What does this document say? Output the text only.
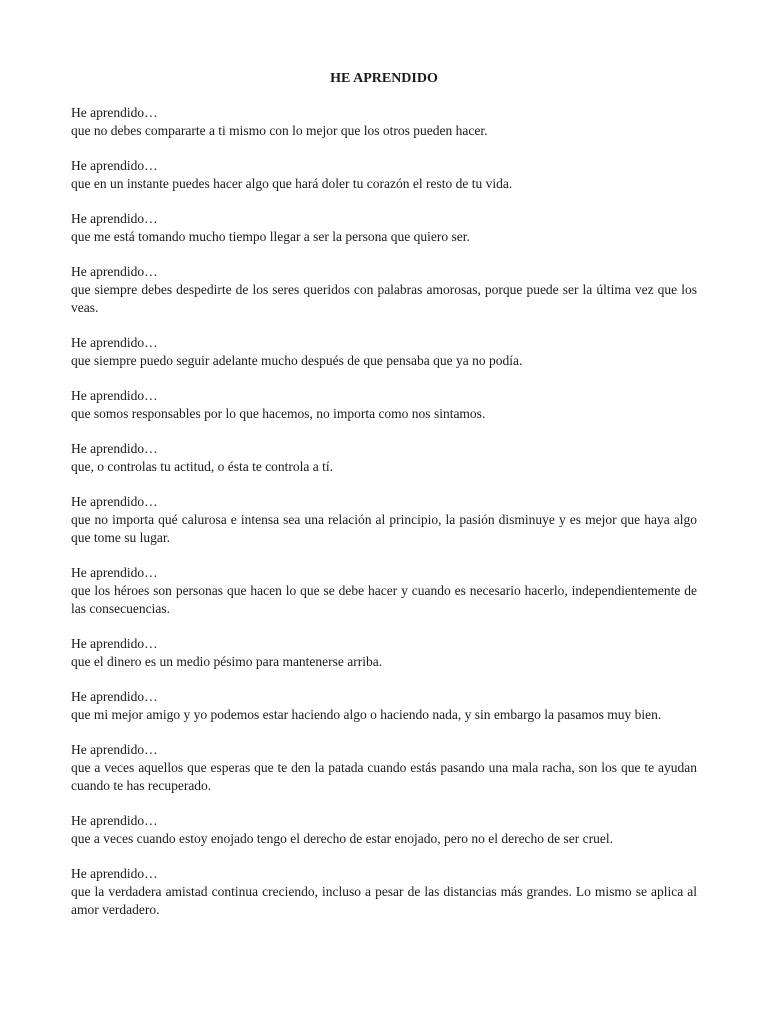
HE APRENDIDO
He aprendido…
que no debes compararte a ti mismo con lo mejor que los otros pueden hacer.
He aprendido…
que en un instante puedes hacer algo que hará doler tu corazón el resto de tu vida.
He aprendido…
que me está tomando mucho tiempo llegar a ser la persona que quiero ser.
He aprendido…
que siempre debes despedirte de los seres queridos con palabras amorosas, porque puede ser la última vez que los veas.
He aprendido…
que siempre puedo seguir adelante mucho después de que pensaba que ya no podía.
He aprendido…
que somos responsables por lo que hacemos, no importa como nos sintamos.
He aprendido…
que, o controlas tu actitud, o ésta te controla a tí.
He aprendido…
que no importa qué calurosa e intensa sea una relación al principio, la pasión disminuye y es mejor que haya algo que tome su lugar.
He aprendido…
que los héroes son personas que hacen lo que se debe hacer y cuando es necesario hacerlo, independientemente de las consecuencias.
He aprendido…
que el dinero es un medio pésimo para mantenerse arriba.
He aprendido…
que mi mejor amigo y yo podemos estar haciendo algo o haciendo nada, y sin embargo la pasamos muy bien.
He aprendido…
que a veces aquellos que esperas que te den la patada cuando estás pasando una mala racha, son los que te ayudan cuando te has recuperado.
He aprendido…
que a veces cuando estoy enojado tengo el derecho de estar enojado, pero no el derecho de ser cruel.
He aprendido…
que la verdadera amistad continua creciendo, incluso a pesar de las distancias más grandes. Lo mismo se aplica al amor verdadero.
